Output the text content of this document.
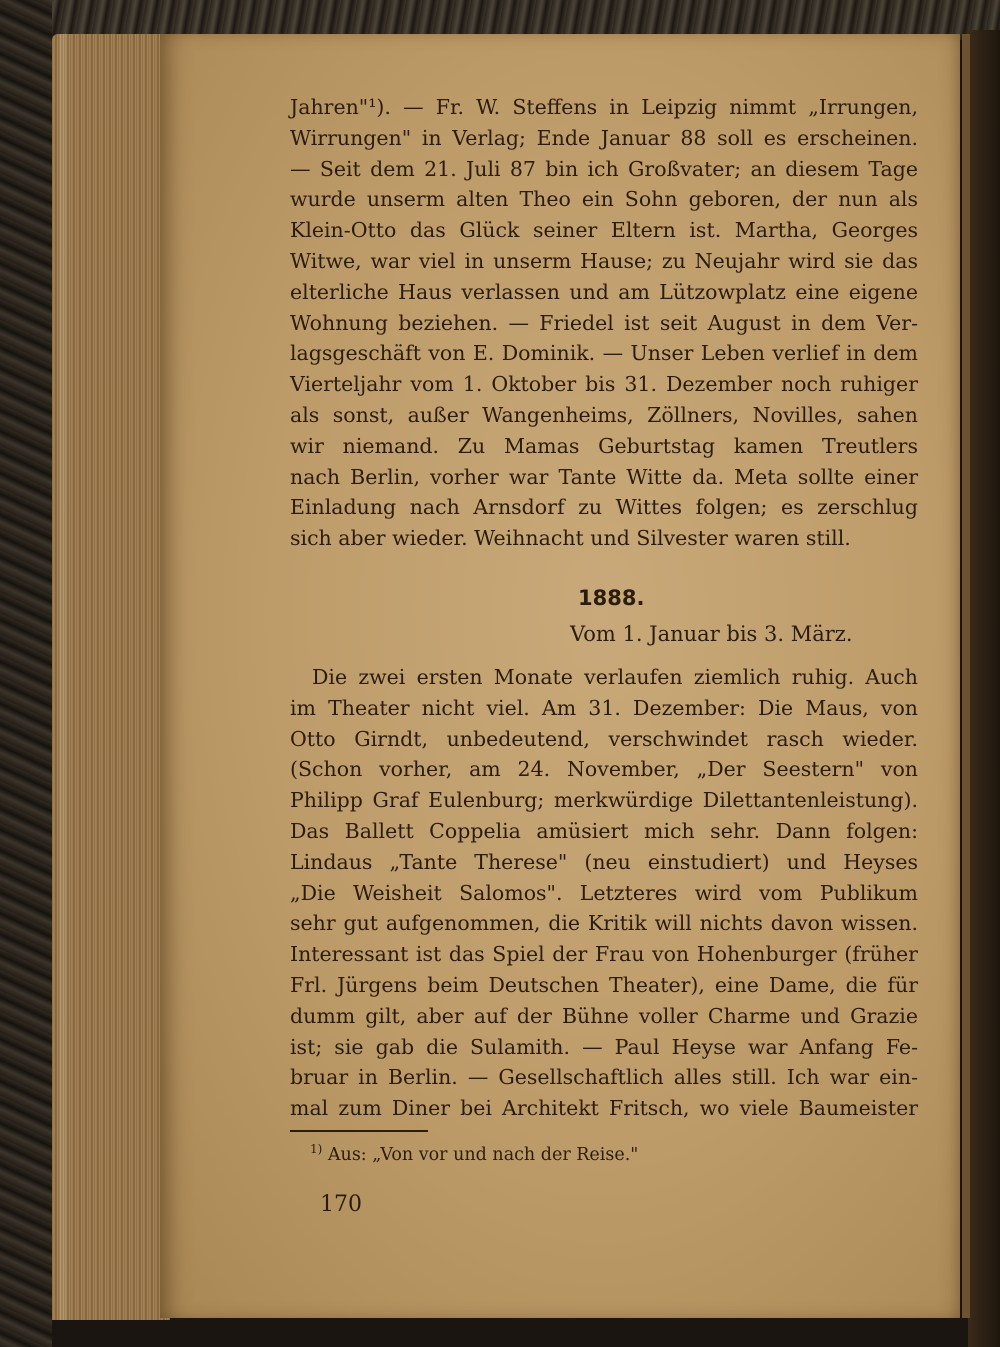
Jahren"¹). — Fr. W. Steffens in Leipzig nimmt „Irrungen,
Wirrungen" in Verlag; Ende Januar 88 soll es erscheinen.
— Seit dem 21. Juli 87 bin ich Großvater; an diesem Tage
wurde unserm alten Theo ein Sohn geboren, der nun als
Klein-Otto das Glück seiner Eltern ist. Martha, Georges
Witwe, war viel in unserm Hause; zu Neujahr wird sie das
elterliche Haus verlassen und am Lützowplatz eine eigene
Wohnung beziehen. — Friedel ist seit August in dem Ver-
lagsgeschäft von E. Dominik. — Unser Leben verlief in dem
Vierteljahr vom 1. Oktober bis 31. Dezember noch ruhiger
als sonst, außer Wangenheims, Zöllners, Novilles, sahen
wir niemand. Zu Mamas Geburtstag kamen Treutlers
nach Berlin, vorher war Tante Witte da. Meta sollte einer
Einladung nach Arnsdorf zu Wittes folgen; es zerschlug
sich aber wieder. Weihnacht und Silvester waren still.
1888.
Vom 1. Januar bis 3. März.
Die zwei ersten Monate verlaufen ziemlich ruhig. Auch
im Theater nicht viel. Am 31. Dezember: Die Maus, von
Otto Girndt, unbedeutend, verschwindet rasch wieder.
(Schon vorher, am 24. November, „Der Seestern" von
Philipp Graf Eulenburg; merkwürdige Dilettantenleistung).
Das Ballett Coppelia amüsiert mich sehr. Dann folgen:
Lindaus „Tante Therese" (neu einstudiert) und Heyses
„Die Weisheit Salomos". Letzteres wird vom Publikum
sehr gut aufgenommen, die Kritik will nichts davon wissen.
Interessant ist das Spiel der Frau von Hohenburger (früher
Frl. Jürgens beim Deutschen Theater), eine Dame, die für
dumm gilt, aber auf der Bühne voller Charme und Grazie
ist; sie gab die Sulamith. — Paul Heyse war Anfang Fe-
bruar in Berlin. — Gesellschaftlich alles still. Ich war ein-
mal zum Diner bei Architekt Fritsch, wo viele Baumeister
$^{1)}$ Aus: „Von vor und nach der Reise."
170
